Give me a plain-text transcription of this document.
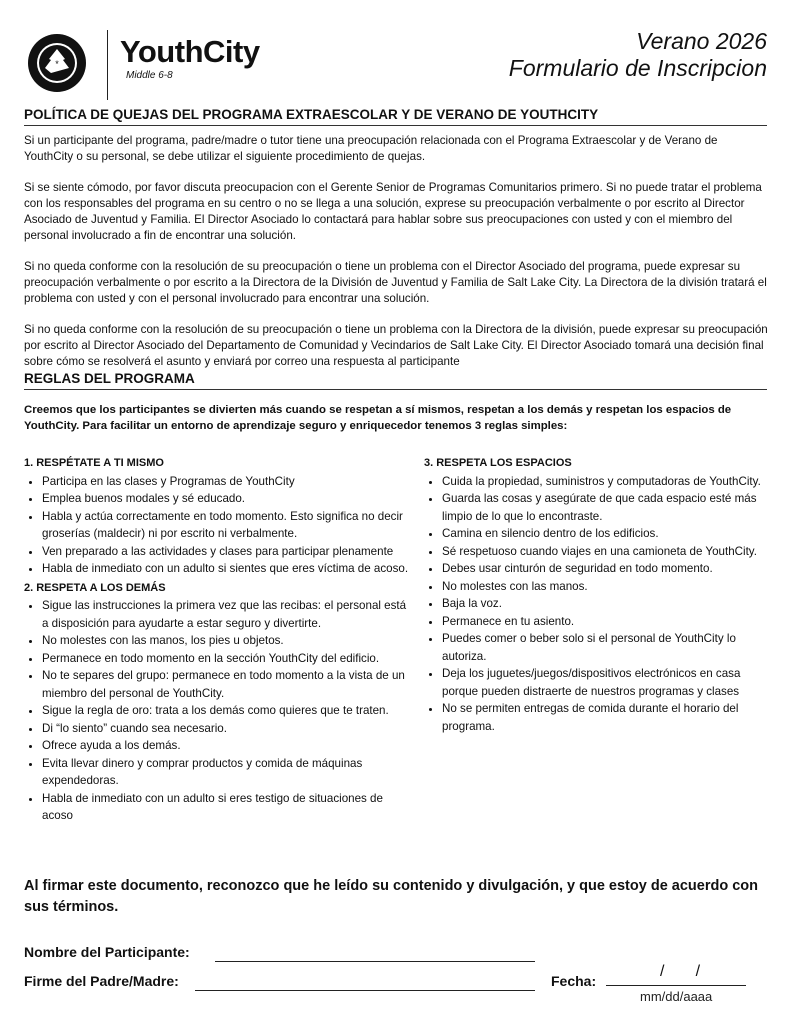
* YouthCity
Middle 6-8
Verano 2026
Formulario de Inscripcion
POLÍTICA DE QUEJAS DEL PROGRAMA EXTRAESCOLAR Y DE VERANO DE YOUTHCITY

Si un participante del programa, padre/madre o tutor tiene una preocupación relacionada con el Programa Extraescolar y de Verano de YouthCity o su personal, se debe utilizar el siguiente procedimiento de quejas.

Si se siente cómodo, por favor discuta preocupacion con el Gerente Senior de Programas Comunitarios primero. Si no puede tratar el problema con los responsables del programa en su centro o no se llega a una solución, exprese su preocupación verbalmente o por escrito al Director Asociado de Juventud y Familia. El Director Asociado lo contactará para hablar sobre sus preocupaciones con usted y con el miembro del personal involucrado a fin de encontrar una solución.

Si no queda conforme con la resolución de su preocupación o tiene un problema con el Director Asociado del programa, puede expresar su preocupación verbalmente o por escrito a la Directora de la División de Juventud y Familia de Salt Lake City. La Directora de la división tratará el problema con usted y con el personal involucrado para encontrar una solución.

Si no queda conforme con la resolución de su preocupación o tiene un problema con la Directora de la división, puede expresar su preocupación por escrito al Director Asociado del Departamento de Comunidad y Vecindarios de Salt Lake City. El Director Asociado tomará una decisión final sobre cómo se resolverá el asunto y enviará por correo una respuesta al participante

REGLAS DEL PROGRAMA
Creemos que los participantes se divierten más cuando se respetan a sí mismos, respetan a los demás y respetan los espacios de YouthCity. Para facilitar un entorno de aprendizaje seguro y enriquecedor tenemos 3 reglas simples:
1. RESPÉTATE A TI MISMO
• Participa en las clases y Programas de YouthCity
• Emplea buenos modales y sé educado.
• Habla y actúa correctamente en todo momento. Esto significa no decir groserías (maldecir) ni por escrito ni verbalmente.
• Ven preparado a las actividades y clases para participar plenamente
• Habla de inmediato con un adulto si sientes que eres víctima de acoso.
2. RESPETA A LOS DEMÁS
• Sigue las instrucciones la primera vez que las recibas: el personal está a disposición para ayudarte a estar seguro y divertirte.
• No molestes con las manos, los pies u objetos.
• Permanece en todo momento en la sección YouthCity del edificio.
• No te separes del grupo: permanece en todo momento a la vista de un miembro del personal de YouthCity.
• Sigue la regla de oro: trata a los demás como quieres que te traten.
• Di “lo siento” cuando sea necesario.
• Ofrece ayuda a los demás.
• Evita llevar dinero y comprar productos y comida de máquinas expendedoras.
• Habla de inmediato con un adulto si eres testigo de situaciones de acoso
3. RESPETA LOS ESPACIOS
• Cuida la propiedad, suministros y computadoras de YouthCity.
• Guarda las cosas y asegúrate de que cada espacio esté más limpio de lo que lo encontraste.
• Camina en silencio dentro de los edificios.
• Sé respetuoso cuando viajes en una camioneta de YouthCity.
• Debes usar cinturón de seguridad en todo momento.
• No molestes con las manos.
• Baja la voz.
• Permanece en tu asiento.
• Puedes comer o beber solo si el personal de YouthCity lo autoriza.
• Deja los juguetes/juegos/dispositivos electrónicos en casa porque pueden distraerte de nuestros programas y clases
• No se permiten entregas de comida durante el horario del programa.
Al firmar este documento, reconozco que he leído su contenido y divulgación, y que estoy de acuerdo con sus términos.
Nombre del Participante:
Firme del Padre/Madre:	Fecha:
/       /
mm/dd/aaaa
